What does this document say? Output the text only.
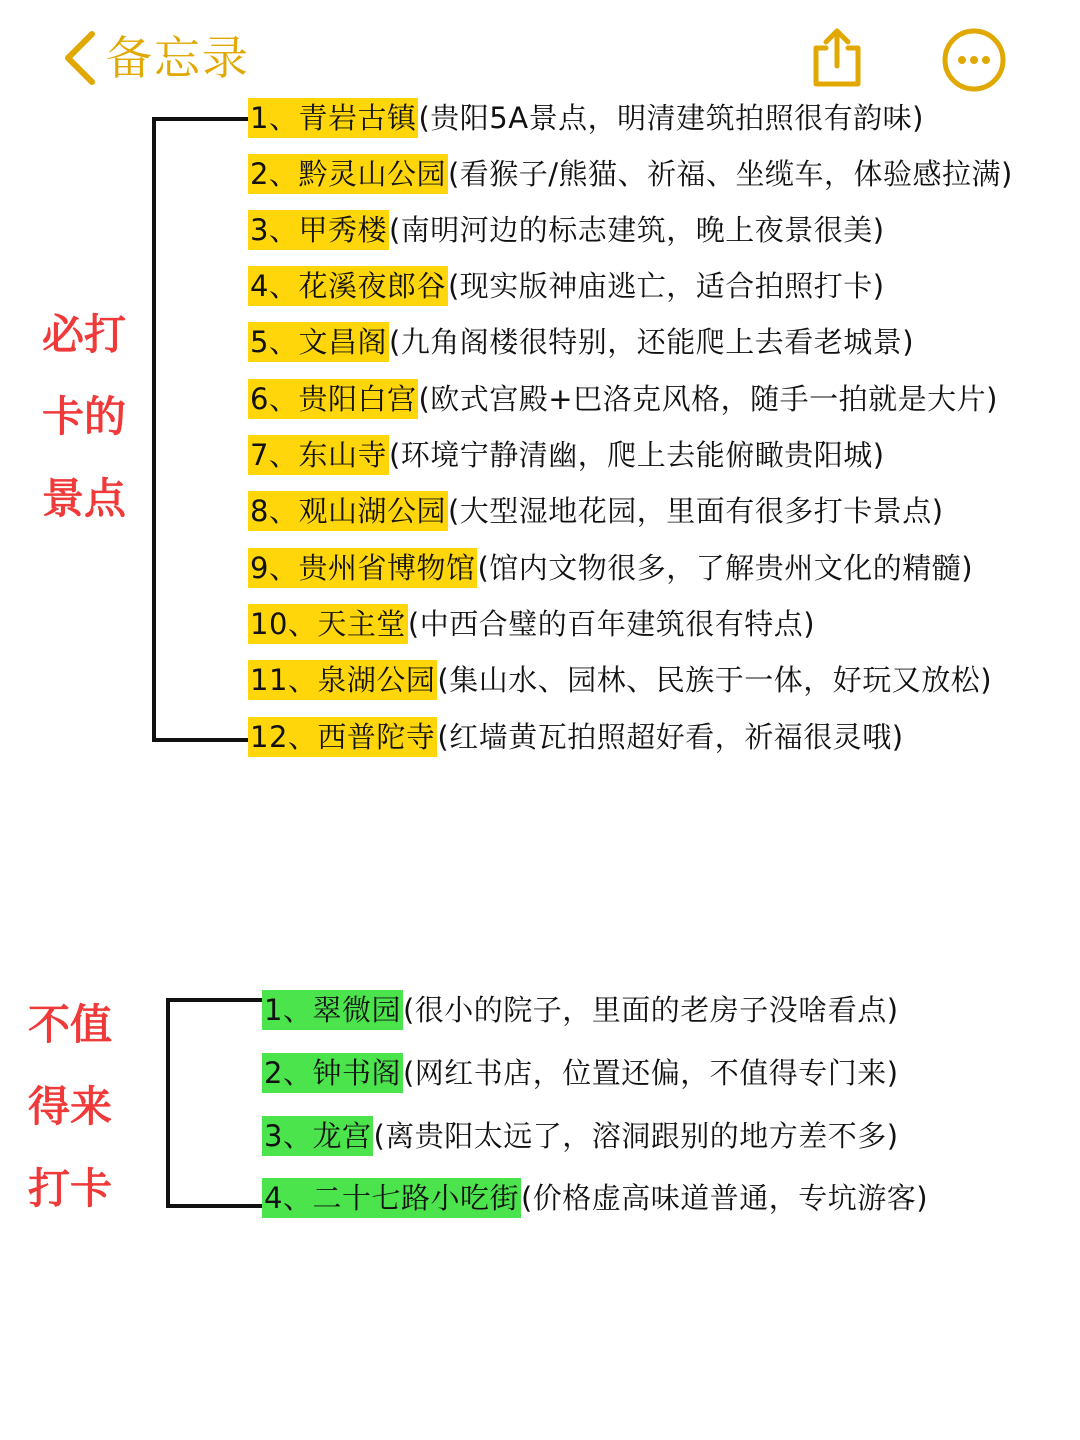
备忘录
必打
卡的
景点
1、青岩古镇 (贵阳5A景点，明清建筑拍照很有韵味)
2、黔灵山公园 (看猴子/熊猫、祈福、坐缆车，体验感拉满)
3、甲秀楼 (南明河边的标志建筑，晚上夜景很美)
4、花溪夜郎谷 (现实版神庙逃亡，适合拍照打卡)
5、文昌阁 (九角阁楼很特别，还能爬上去看老城景)
6、贵阳白宫 (欧式宫殿+巴洛克风格，随手一拍就是大片)
7、东山寺 (环境宁静清幽，爬上去能俯瞰贵阳城)
8、观山湖公园 (大型湿地花园，里面有很多打卡景点)
9、贵州省博物馆 (馆内文物很多，了解贵州文化的精髓)
10、天主堂 (中西合璧的百年建筑很有特点)
11、泉湖公园 (集山水、园林、民族于一体，好玩又放松)
12、西普陀寺 (红墙黄瓦拍照超好看，祈福很灵哦)
不值
得来
打卡
1、翠微园 (很小的院子，里面的老房子没啥看点)
2、钟书阁 (网红书店，位置还偏，不值得专门来)
3、龙宫 (离贵阳太远了，溶洞跟别的地方差不多)
4、二十七路小吃街 (价格虚高味道普通，专坑游客)
